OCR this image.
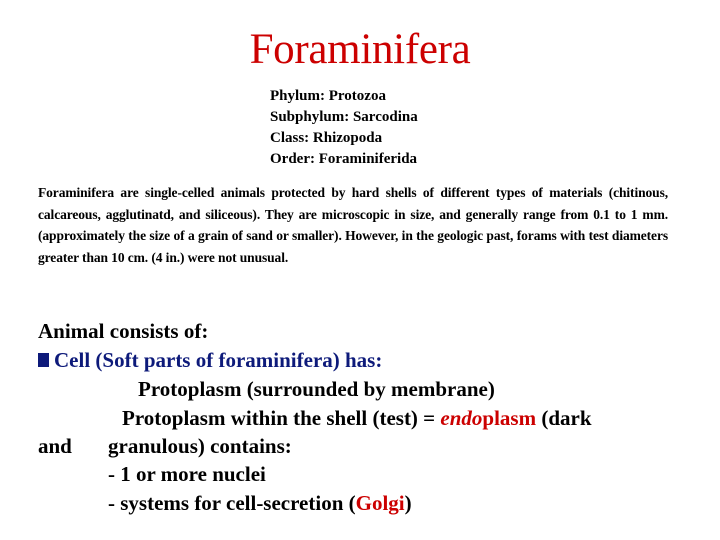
Foraminifera
Phylum: Protozoa
Subphylum: Sarcodina
Class: Rhizopoda
Order: Foraminiferida
Foraminifera are single-celled animals protected by hard shells of different types of materials (chitinous, calcareous, agglutinatd, and siliceous). They are microscopic in size, and generally range from 0.1 to 1 mm. (approximately the size of a grain of sand or smaller). However, in the geologic past, forams with test diameters greater than 10 cm. (4 in.) were not unusual.
Animal consists of:
Cell (Soft parts of foraminifera) has:
Protoplasm (surrounded by membrane)
Protoplasm within the shell (test) = endoplasm (dark
and granulous) contains:
- 1 or more nuclei
- systems for cell-secretion (Golgi)
